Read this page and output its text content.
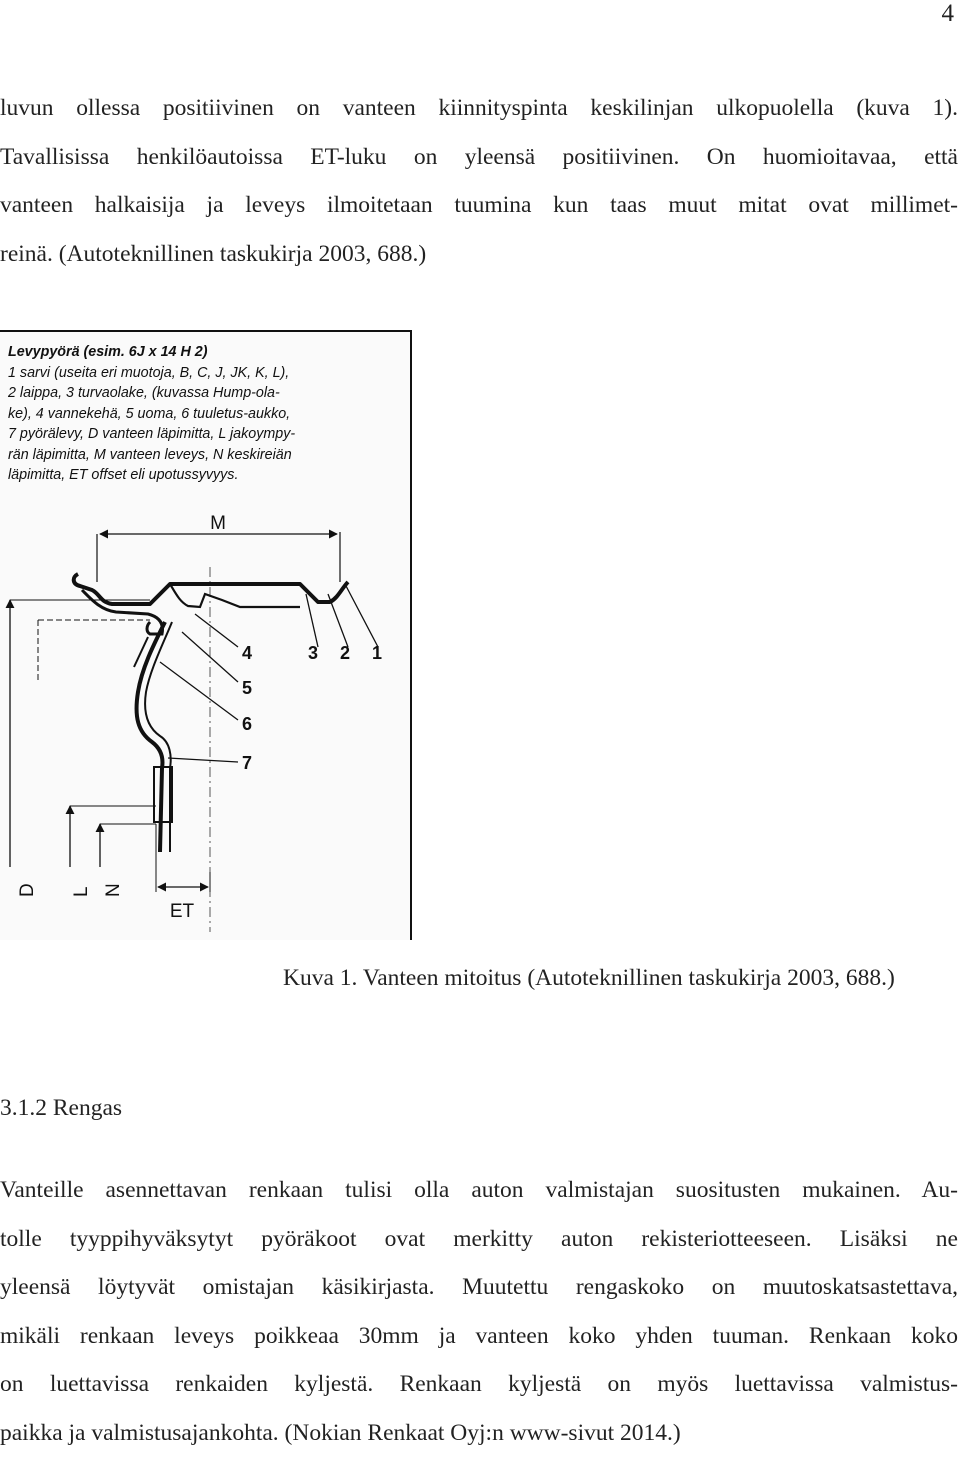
4
luvun ollessa positiivinen on vanteen kiinnityspinta keskilinjan ulkopuolella (kuva 1).
Tavallisissa henkilöautoissa ET-luku on yleensä positiivinen. On huomioitavaa, että
vanteen halkaisija ja leveys ilmoitetaan tuumina kun taas muut mitat ovat millimet-
reinä. (Autoteknillinen taskukirja 2003, 688.)
Levypyörä (esim. 6J x 14 H 2)
1 sarvi (useita eri muotoja, B, C, J, JK, K, L),
2 laippa, 3 turvaolake, (kuvassa Hump-ola-
ke), 4 vannekehä, 5 uoma, 6 tuuletus-aukko,
7 pyörälevy, D vanteen läpimitta, L jakoympy-
rän läpimitta, M vanteen leveys, N keskireiän
läpimitta, ET offset eli upotussyvyys.
M
4
5
6
7
3 2 1
D L N
ET
Kuva 1. Vanteen mitoitus (Autoteknillinen taskukirja 2003, 688.)
3.1.2 Rengas
Vanteille asennettavan renkaan tulisi olla auton valmistajan suositusten mukainen. Au-
tolle tyyppihyväksytyt pyöräkoot ovat merkitty auton rekisteriotteeseen. Lisäksi ne
yleensä löytyvät omistajan käsikirjasta. Muutettu rengaskoko on muutoskatsastettava,
mikäli renkaan leveys poikkeaa 30mm ja vanteen koko yhden tuuman. Renkaan koko
on luettavissa renkaiden kyljestä. Renkaan kyljestä on myös luettavissa valmistus-
paikka ja valmistusajankohta. (Nokian Renkaat Oyj:n www-sivut 2014.)
